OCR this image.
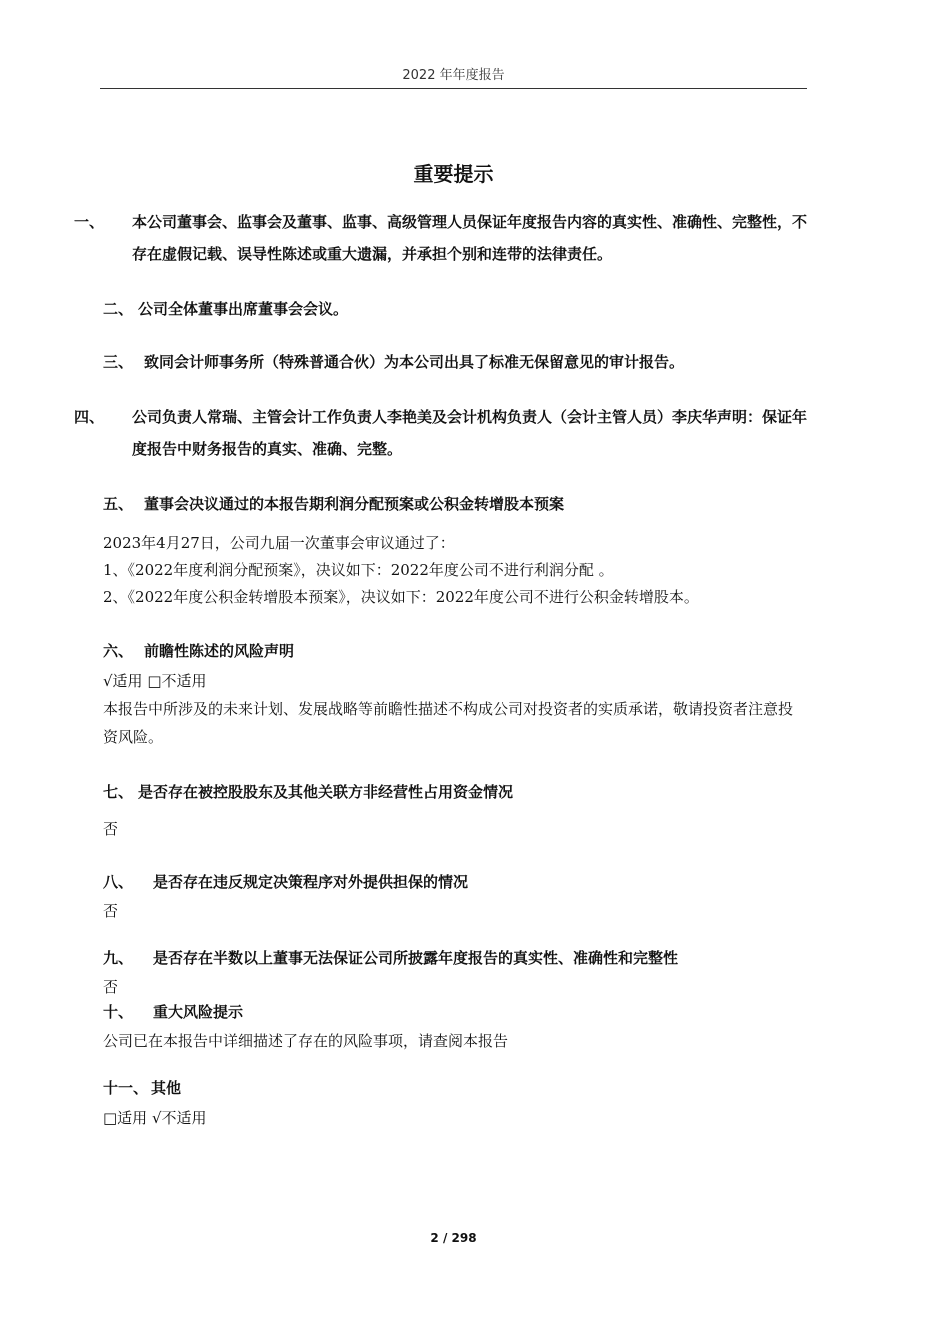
2022 年年度报告
重要提示
一、 本公司董事会、监事会及董事、监事、高级管理人员保证年度报告内容的真实性、准确性、完整性，不存在虚假记载、误导性陈述或重大遗漏，并承担个别和连带的法律责任。
二、 公司全体董事出席董事会会议。
三、 致同会计师事务所（特殊普通合伙）为本公司出具了标准无保留意见的审计报告。
四、 公司负责人常瑞、主管会计工作负责人李艳美及会计机构负责人（会计主管人员）李庆华声明：保证年度报告中财务报告的真实、准确、完整。
五、 董事会决议通过的本报告期利润分配预案或公积金转增股本预案
2023年4月27日，公司九届一次董事会审议通过了：
1、《2022年度利润分配预案》，决议如下：2022年度公司不进行利润分配 。
2、《2022年度公积金转增股本预案》，决议如下：2022年度公司不进行公积金转增股本。
六、 前瞻性陈述的风险声明
√适用 □不适用
本报告中所涉及的未来计划、发展战略等前瞻性描述不构成公司对投资者的实质承诺，敬请投资者注意投资风险。
七、 是否存在被控股股东及其他关联方非经营性占用资金情况
否
八、 是否存在违反规定决策程序对外提供担保的情况
否
九、 是否存在半数以上董事无法保证公司所披露年度报告的真实性、准确性和完整性
否
十、 重大风险提示
公司已在本报告中详细描述了存在的风险事项，请查阅本报告
十一、 其他
□适用 √不适用
2 / 298
